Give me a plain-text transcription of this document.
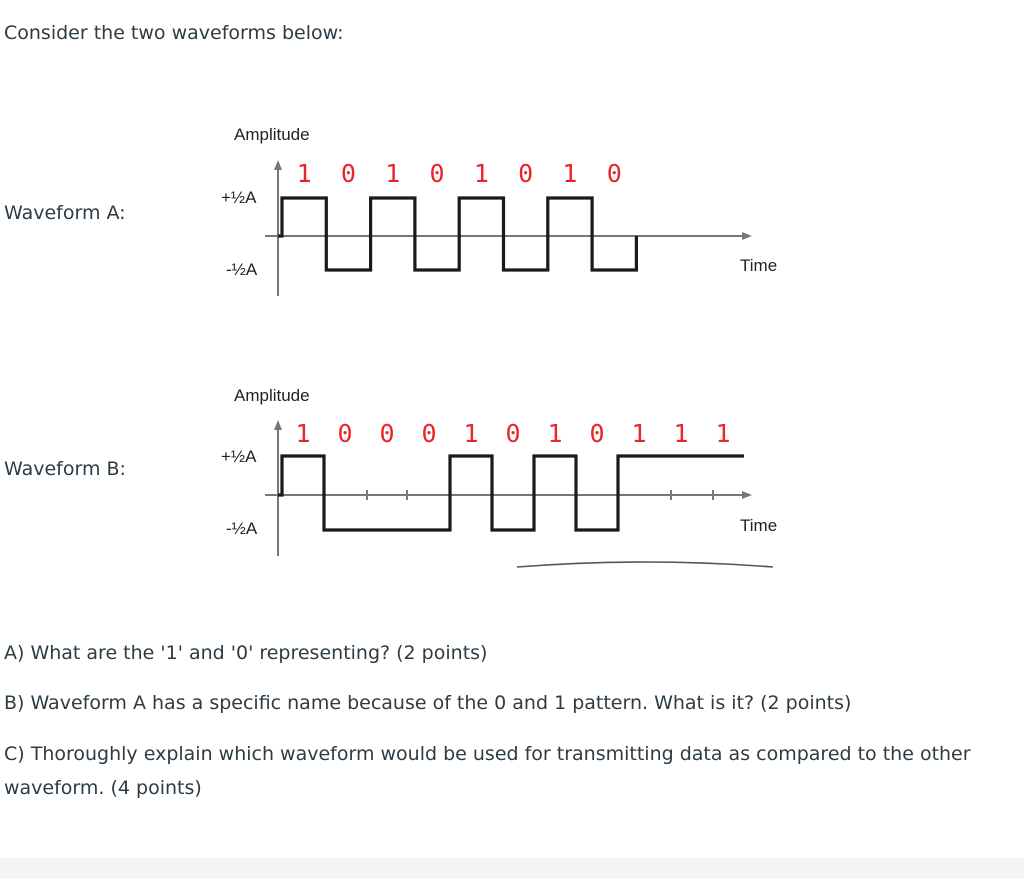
Consider the two waveforms below:
Waveform A:
Waveform B:
Amplitude
+½A
-½A	Time
1 0 1 0 1 0 1 0
Amplitude
+½A
-½A	Time
1 0 0 0 1 0 1 0 1 1 1
A) What are the '1' and '0' representing? (2 points)
B) Waveform A has a specific name because of the 0 and 1 pattern. What is it? (2 points)
C) Thoroughly explain which waveform would be used for transmitting data as compared to the other waveform. (4 points)
